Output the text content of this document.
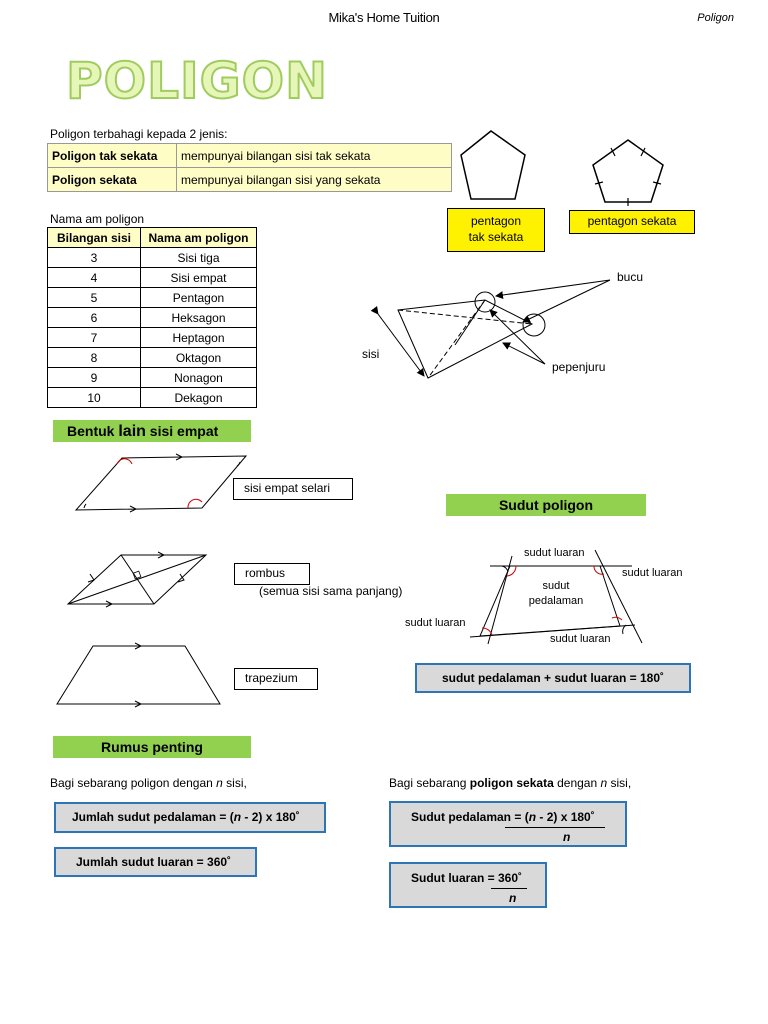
Mika's Home Tuition	Poligon
POLIGON
Poligon terbahagi kepada 2 jenis:
Poligon tak sekata	mempunyai bilangan sisi tak sekata
Poligon sekata	mempunyai bilangan sisi yang sekata
pentagon
tak sekata
pentagon sekata
Nama am poligon
Bilangan sisi	Nama am poligon
3	Sisi tiga
4	Sisi empat
5	Pentagon
6	Heksagon
7	Heptagon
8	Oktagon
9	Nonagon
10	Dekagon
bucu
sisi
pepenjuru
Bentuk lain sisi empat
sisi empat selari
rombus
(semua sisi sama panjang)
trapezium
Sudut poligon
sudut luaran
sudut luaran
sudut
pedalaman
sudut luaran
sudut luaran
sudut pedalaman + sudut luaran = 180˚
Rumus penting
Bagi sebarang poligon dengan n sisi,	Bagi sebarang poligon sekata dengan n sisi,
Jumlah sudut pedalaman = (n - 2) x 180˚
Jumlah sudut luaran = 360˚
Sudut pedalaman = (n - 2) x 180˚
n
Sudut luaran = 360˚
n
